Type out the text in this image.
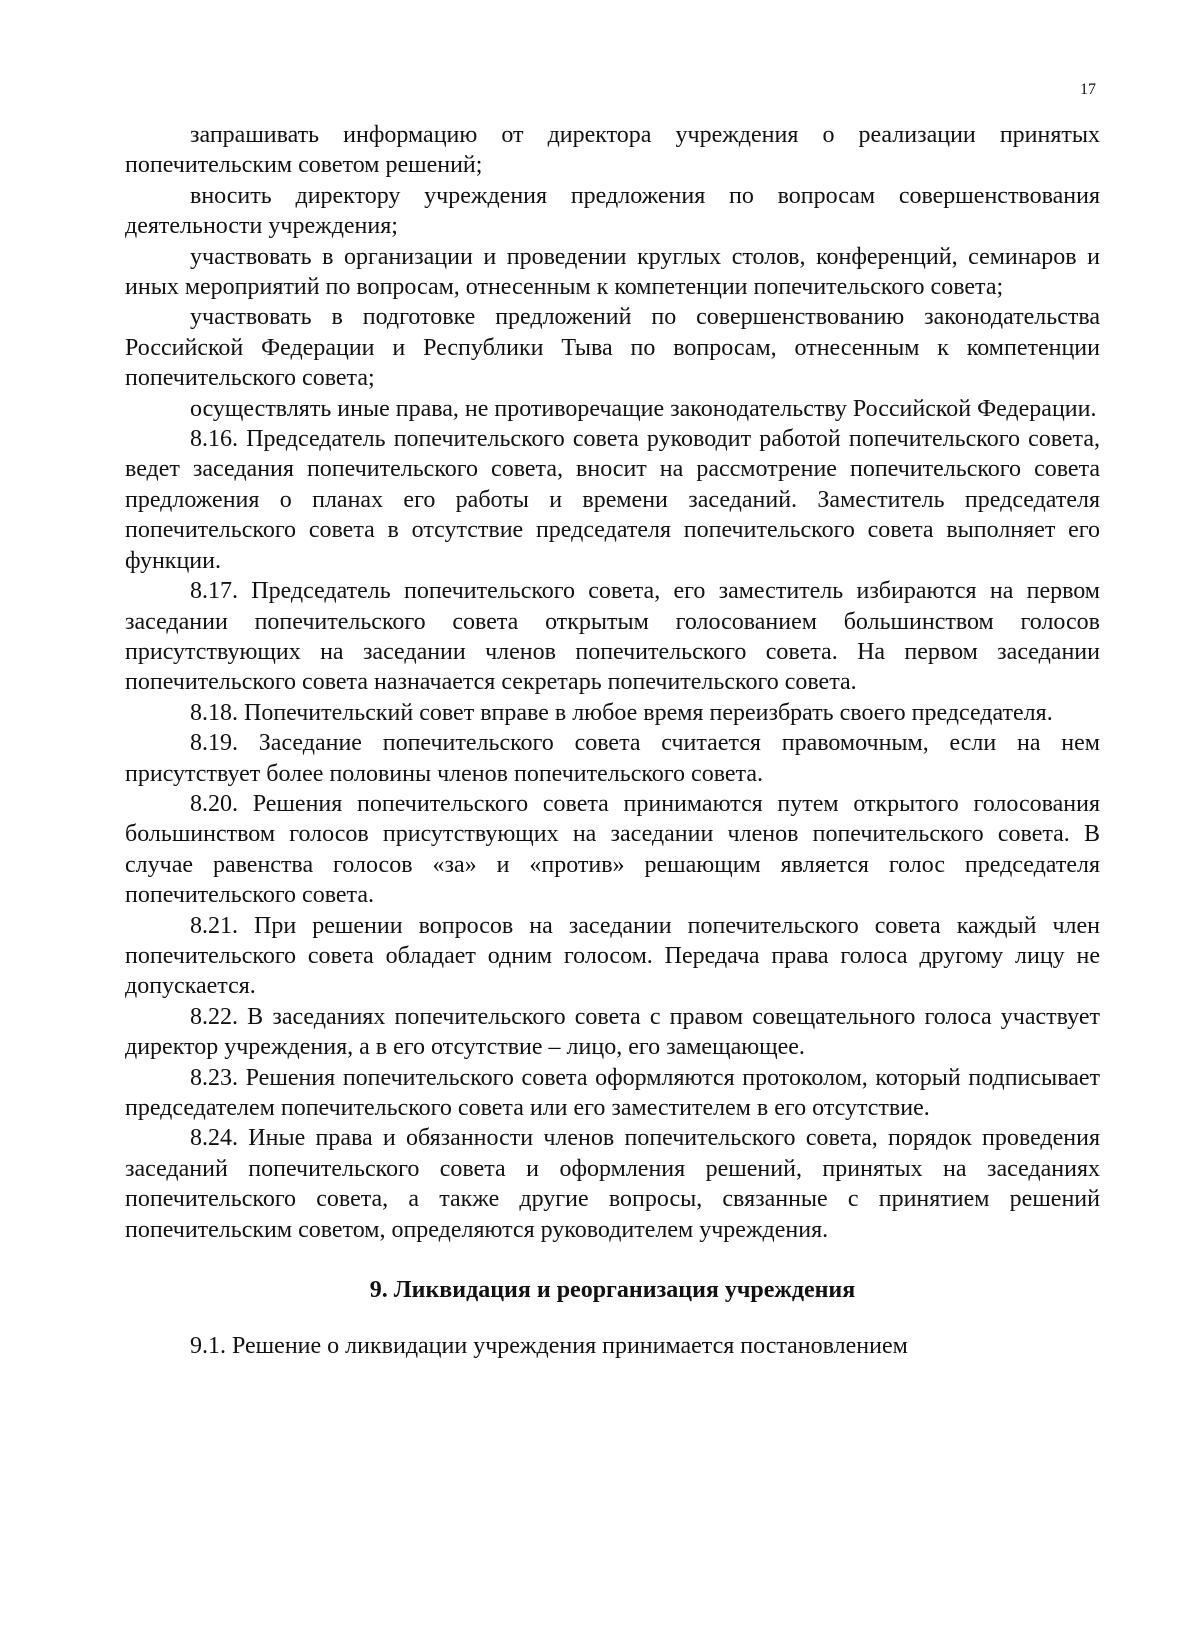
17

запрашивать информацию от директора учреждения о реализации принятых попечительским советом решений;

вносить директору учреждения предложения по вопросам совершенствования деятельности учреждения;

участвовать в организации и проведении круглых столов, конференций, семинаров и иных мероприятий по вопросам, отнесенным к компетенции попечительского совета;

участвовать в подготовке предложений по совершенствованию законодательства Российской Федерации и Республики Тыва по вопросам, отнесенным к компетенции попечительского совета;

осуществлять иные права, не противоречащие законодательству Российской Федерации.

8.16. Председатель попечительского совета руководит работой попечительского совета, ведет заседания попечительского совета, вносит на рассмотрение попечительского совета предложения о планах его работы и времени заседаний. Заместитель председателя попечительского совета в отсутствие председателя попечительского совета выполняет его функции.

8.17. Председатель попечительского совета, его заместитель избираются на первом заседании попечительского совета открытым голосованием большинством голосов присутствующих на заседании членов попечительского совета. На первом заседании попечительского совета назначается секретарь попечительского совета.

8.18. Попечительский совет вправе в любое время переизбрать своего председателя.

8.19. Заседание попечительского совета считается правомочным, если на нем присутствует более половины членов попечительского совета.

8.20. Решения попечительского совета принимаются путем открытого голосования большинством голосов присутствующих на заседании членов попечительского совета. В случае равенства голосов «за» и «против» решающим является голос председателя попечительского совета.

8.21. При решении вопросов на заседании попечительского совета каждый член попечительского совета обладает одним голосом. Передача права голоса другому лицу не допускается.

8.22. В заседаниях попечительского совета с правом совещательного голоса участвует директор учреждения, а в его отсутствие – лицо, его замещающее.

8.23. Решения попечительского совета оформляются протоколом, который подписывает председателем попечительского совета или его заместителем в его отсутствие.

8.24. Иные права и обязанности членов попечительского совета, порядок проведения заседаний попечительского совета и оформления решений, принятых на заседаниях попечительского совета, а также другие вопросы, связанные с принятием решений попечительским советом, определяются руководителем учреждения.

9. Ликвидация и реорганизация учреждения

9.1. Решение о ликвидации учреждения принимается постановлением
